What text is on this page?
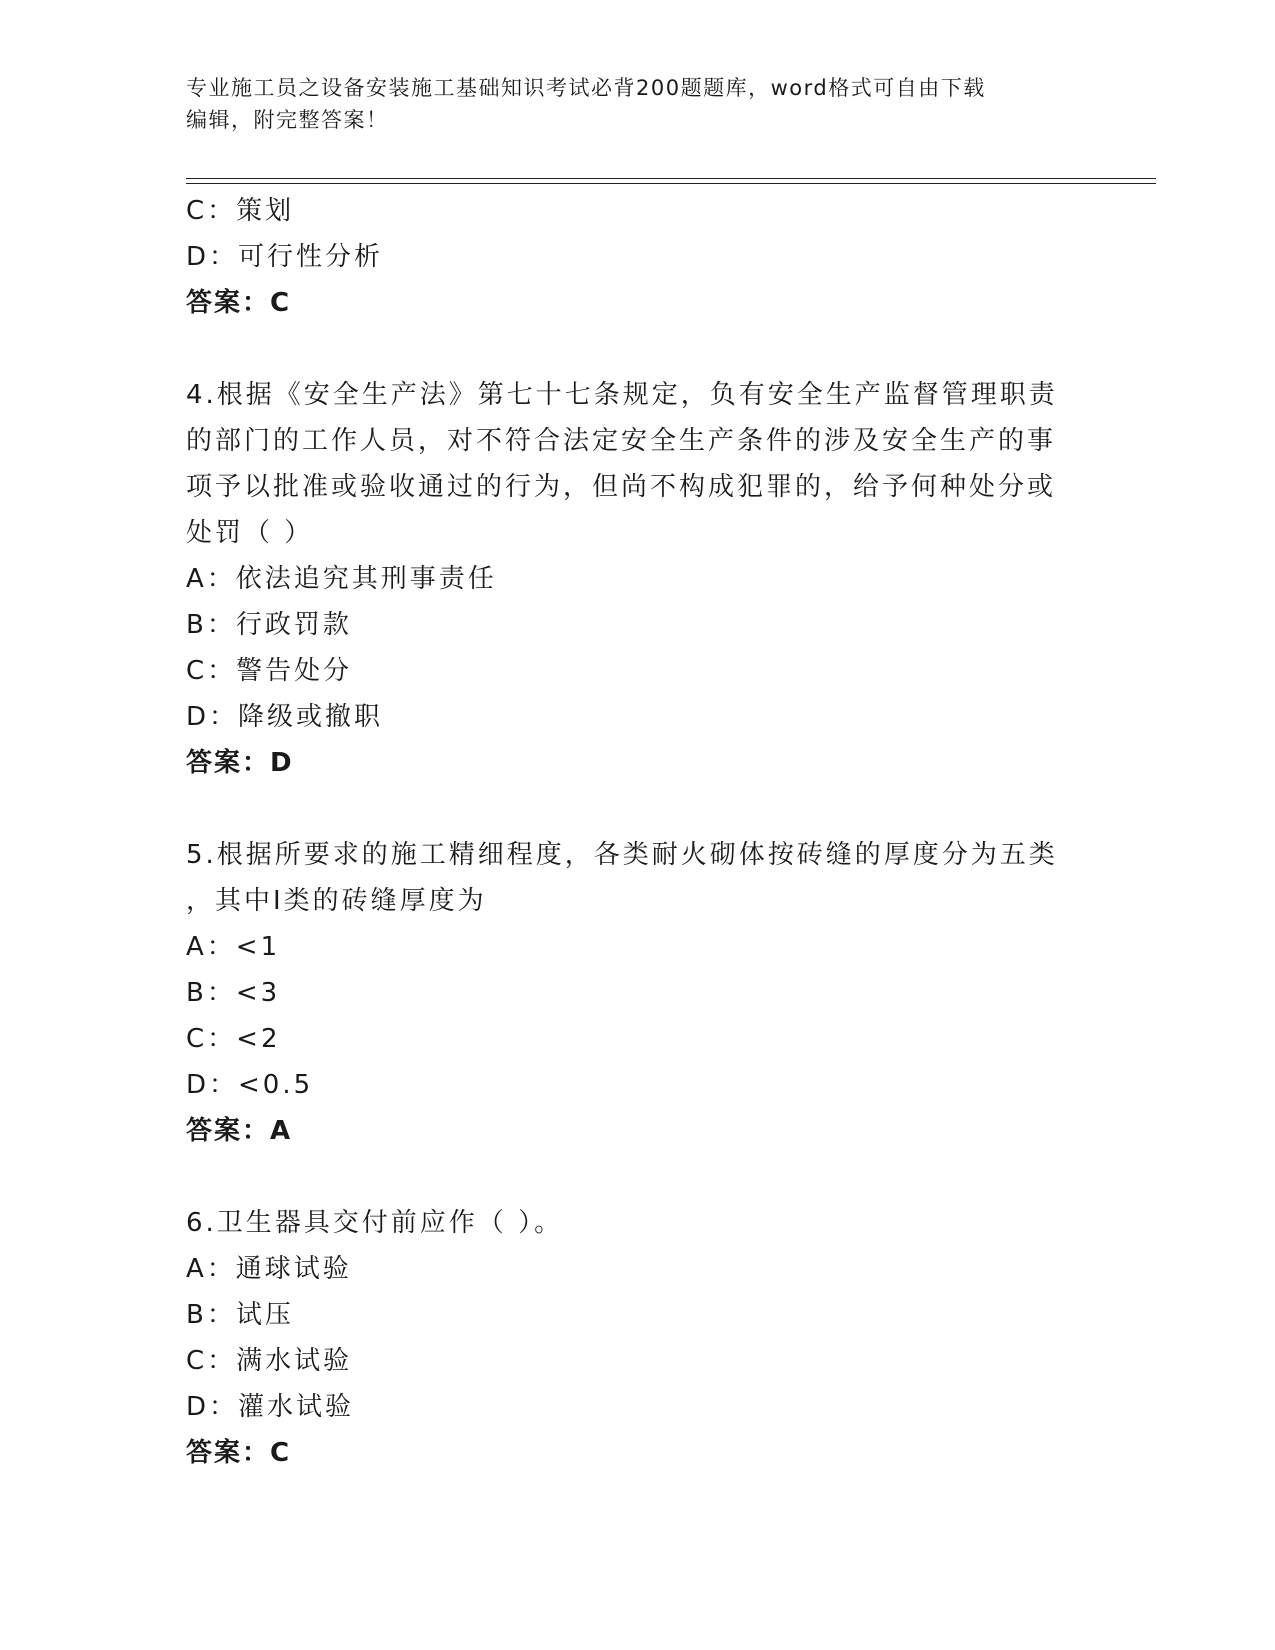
专业施工员之设备安装施工基础知识考试必背200题题库，word格式可自由下载
编辑，附完整答案！
C：策划
D：可行性分析
答案：C
4.根据《安全生产法》第七十七条规定，负有安全生产监督管理职责
的部门的工作人员，对不符合法定安全生产条件的涉及安全生产的事
项予以批准或验收通过的行为，但尚不构成犯罪的，给予何种处分或
处罚（ ）
A：依法追究其刑事责任
B：行政罚款
C：警告处分
D：降级或撤职
答案：D
5.根据所要求的施工精细程度，各类耐火砌体按砖缝的厚度分为五类
，其中Ⅰ类的砖缝厚度为
A：<1
B：<3
C：<2
D：<0.5
答案：A
6.卫生器具交付前应作（ ）。
A：通球试验
B：试压
C：满水试验
D：灌水试验
答案：C
